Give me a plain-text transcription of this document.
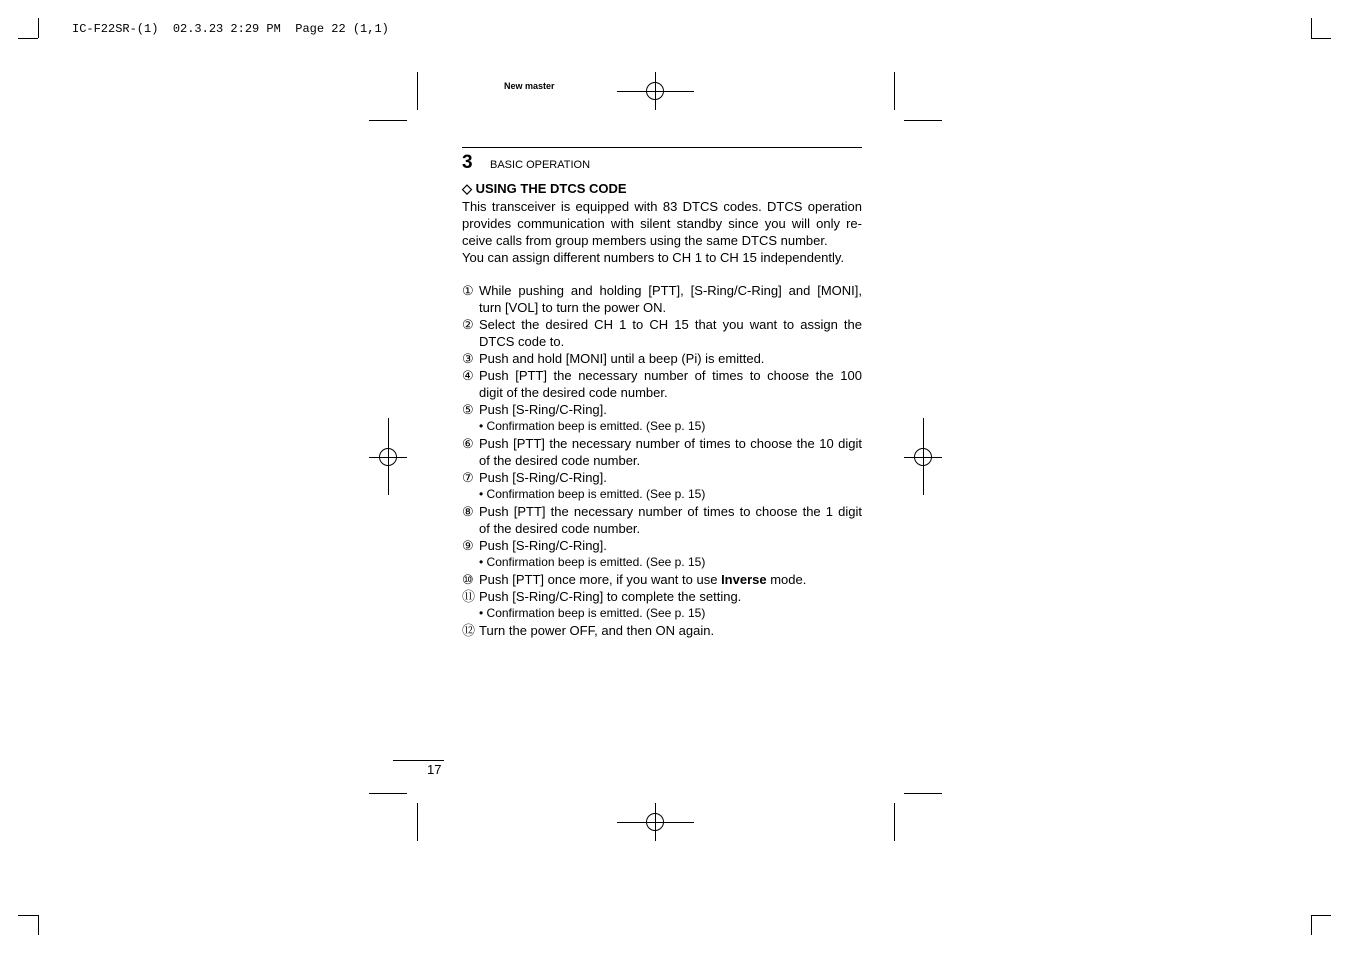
IC-F22SR-(1)  02.3.23 2:29 PM  Page 22 (1,1)
New master
3 BASIC OPERATION
◇ USING THE DTCS CODE
This transceiver is equipped with 83 DTCS codes. DTCS operation
provides communication with silent standby since you will only re-
ceive calls from group members using the same DTCS number.
You can assign different numbers to CH 1 to CH 15 independently.
① While pushing and holding [PTT], [S-Ring/C-Ring] and [MONI],
turn [VOL] to turn the power ON.
② Select the desired CH 1 to CH 15 that you want to assign the
DTCS code to.
③ Push and hold [MONI] until a beep (Pi) is emitted.
④ Push [PTT] the necessary number of times to choose the 100
digit of the desired code number.
⑤ Push [S-Ring/C-Ring].
• Confirmation beep is emitted. (See p. 15)
⑥ Push [PTT] the necessary number of times to choose the 10 digit
of the desired code number.
⑦ Push [S-Ring/C-Ring].
• Confirmation beep is emitted. (See p. 15)
⑧ Push [PTT] the necessary number of times to choose the 1 digit
of the desired code number.
⑨ Push [S-Ring/C-Ring].
• Confirmation beep is emitted. (See p. 15)
⑩ Push [PTT] once more, if you want to use Inverse mode.
⑪ Push [S-Ring/C-Ring] to complete the setting.
• Confirmation beep is emitted. (See p. 15)
⑫ Turn the power OFF, and then ON again.
17
